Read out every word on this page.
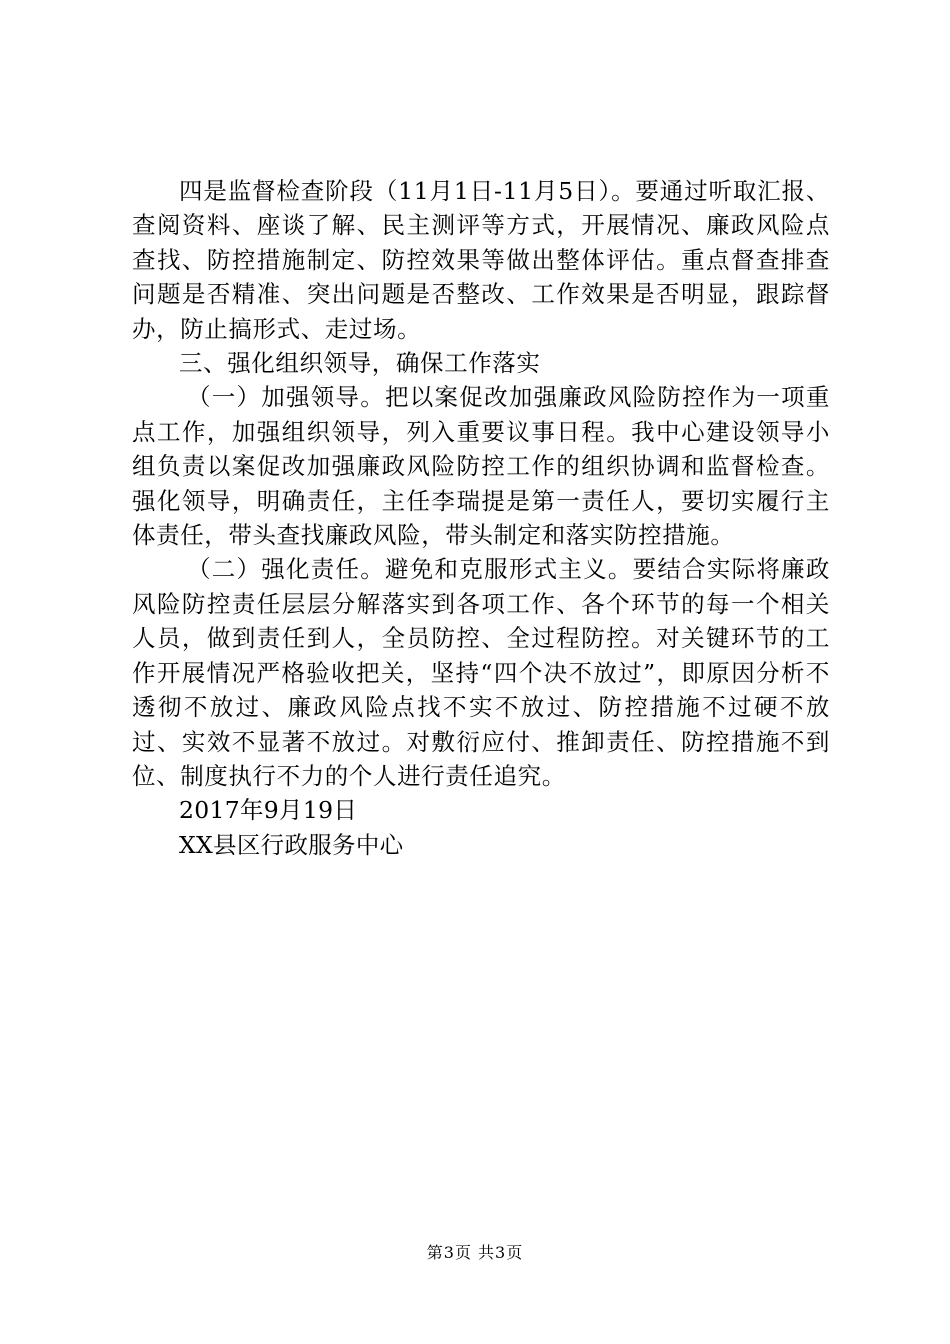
四是监督检查阶段（11月1日-11月5日）。要通过听取汇报、查阅资料、座谈了解、民主测评等方式，开展情况、廉政风险点查找、防控措施制定、防控效果等做出整体评估。重点督查排查问题是否精准、突出问题是否整改、工作效果是否明显，跟踪督办，防止搞形式、走过场。

三、强化组织领导，确保工作落实

（一）加强领导。把以案促改加强廉政风险防控作为一项重点工作，加强组织领导，列入重要议事日程。我中心建设领导小组负责以案促改加强廉政风险防控工作的组织协调和监督检查。强化领导，明确责任，主任李瑞提是第一责任人，要切实履行主体责任，带头查找廉政风险，带头制定和落实防控措施。

（二）强化责任。避免和克服形式主义。要结合实际将廉政风险防控责任层层分解落实到各项工作、各个环节的每一个相关人员，做到责任到人，全员防控、全过程防控。对关键环节的工作开展情况严格验收把关，坚持“四个决不放过”，即原因分析不透彻不放过、廉政风险点找不实不放过、防控措施不过硬不放过、实效不显著不放过。对敷衍应付、推卸责任、防控措施不到位、制度执行不力的个人进行责任追究。

2017年9月19日

XX县区行政服务中心

第3页 共3页
